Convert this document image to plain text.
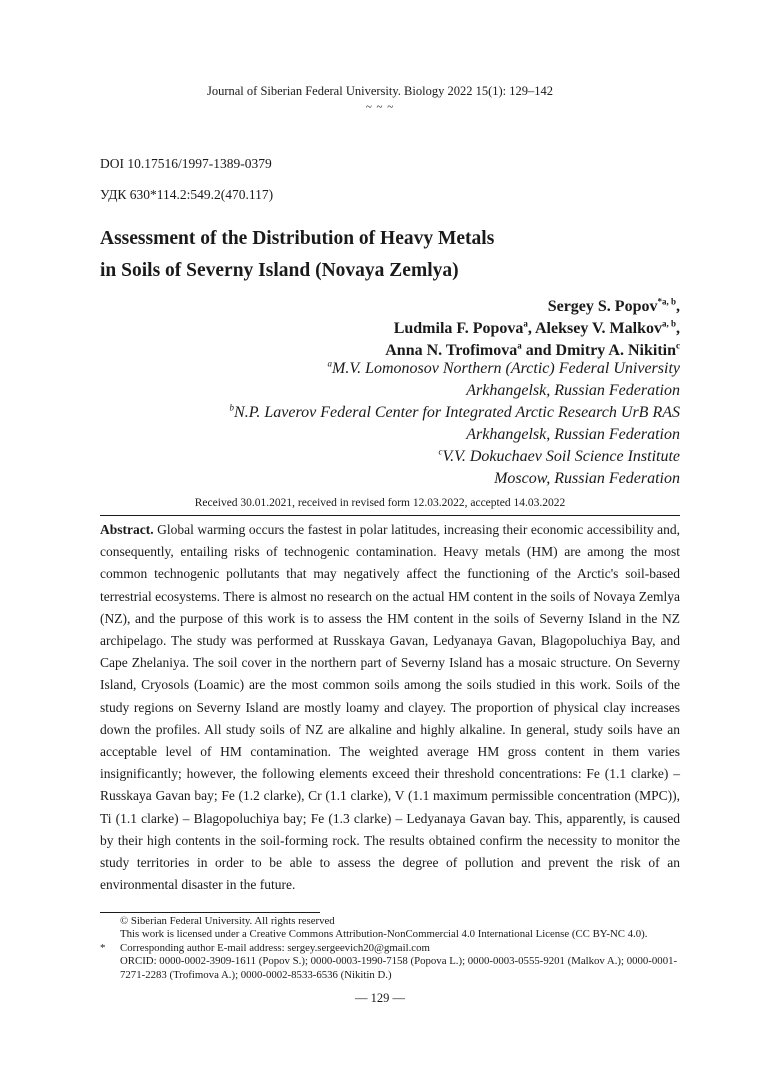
Journal of Siberian Federal University. Biology 2022 15(1): 129–142
~ ~ ~
DOI 10.17516/1997-1389-0379
УДК 630*114.2:549.2(470.117)
Assessment of the Distribution of Heavy Metals
in Soils of Severny Island (Novaya Zemlya)
Sergey S. Popov$^{*a, b}$,
Ludmila F. Popova$^a$, Aleksey V. Malkov$^{a, b}$,
Anna N. Trofimova$^a$ and Dmitry A. Nikitin$^c$
$^a$M.V. Lomonosov Northern (Arctic) Federal University
Arkhangelsk, Russian Federation
$^b$N.P. Laverov Federal Center for Integrated Arctic Research UrB RAS
Arkhangelsk, Russian Federation
$^c$V.V. Dokuchaev Soil Science Institute
Moscow, Russian Federation
Received 30.01.2021, received in revised form 12.03.2022, accepted 14.03.2022
Abstract. Global warming occurs the fastest in polar latitudes, increasing their economic accessibility and, consequently, entailing risks of technogenic contamination. Heavy metals (HM) are among the most common technogenic pollutants that may negatively affect the functioning of the Arctic's soil-based terrestrial ecosystems. There is almost no research on the actual HM content in the soils of Novaya Zemlya (NZ), and the purpose of this work is to assess the HM content in the soils of Severny Island in the NZ archipelago. The study was performed at Russkaya Gavan, Ledyanaya Gavan, Blagopoluchiya Bay, and Cape Zhelaniya. The soil cover in the northern part of Severny Island has a mosaic structure. On Severny Island, Cryosols (Loamic) are the most common soils among the soils studied in this work. Soils of the study regions on Severny Island are mostly loamy and clayey. The proportion of physical clay increases down the profiles. All study soils of NZ are alkaline and highly alkaline. In general, study soils have an acceptable level of HM contamination. The weighted average HM gross content in them varies insignificantly; however, the following elements exceed their threshold concentrations: Fe (1.1 clarke) – Russkaya Gavan bay; Fe (1.2 clarke), Cr (1.1 clarke), V (1.1 maximum permissible concentration (MPC)), Ti (1.1 clarke) – Blagopoluchiya bay; Fe (1.3 clarke) – Ledyanaya Gavan bay. This, apparently, is caused by their high contents in the soil-forming rock. The results obtained confirm the necessity to monitor the study territories in order to be able to assess the degree of pollution and prevent the risk of an environmental disaster in the future.
© Siberian Federal University. All rights reserved
This work is licensed under a Creative Commons Attribution-NonCommercial 4.0 International License (CC BY-NC 4.0).
* Corresponding author E-mail address: sergey.sergeevich20@gmail.com
ORCID: 0000-0002-3909-1611 (Popov S.); 0000-0003-1990-7158 (Popova L.); 0000-0003-0555-9201 (Malkov A.); 0000-0001-7271-2283 (Trofimova A.); 0000-0002-8533-6536 (Nikitin D.)
— 129 —
